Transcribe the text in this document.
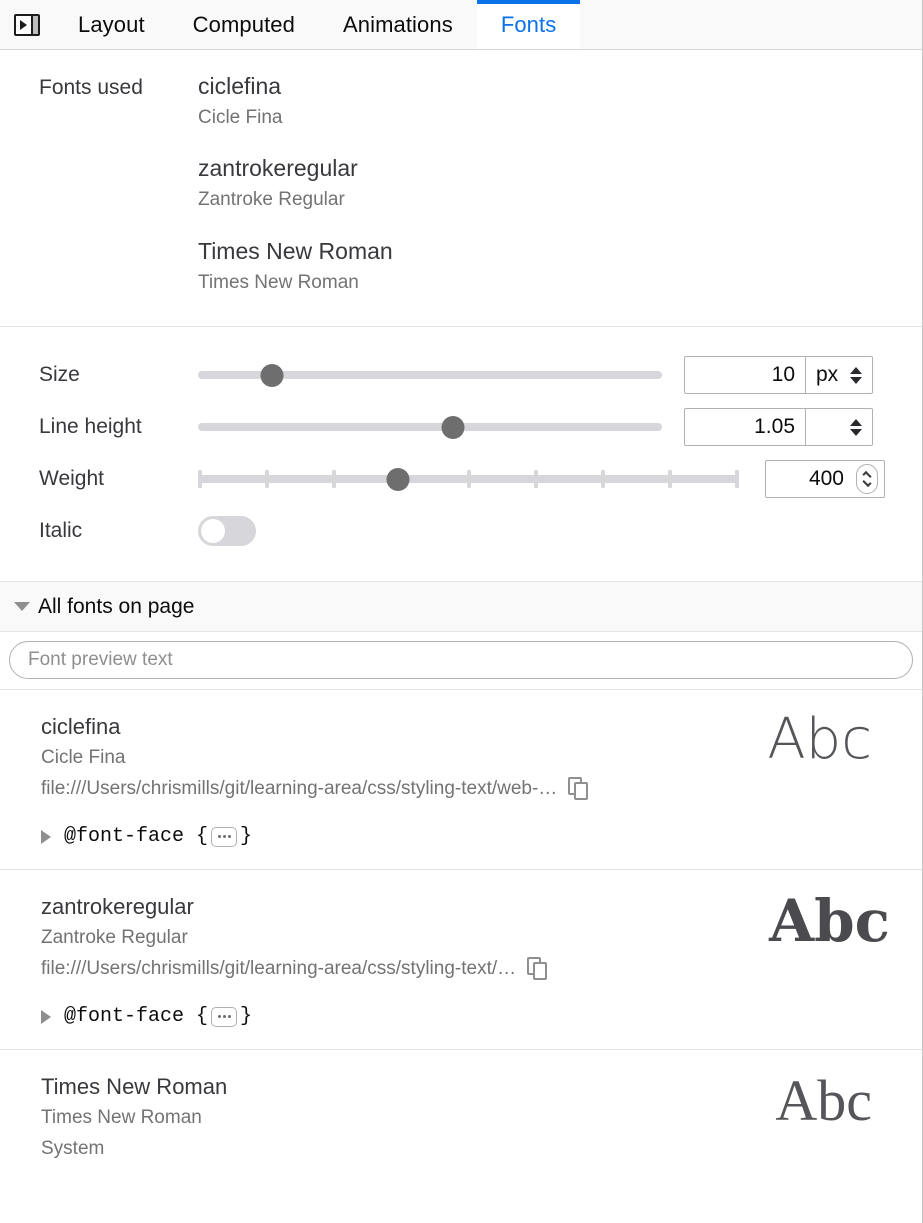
Layout Computed Animations Fonts
Fonts used	ciclefina
Cicle Fina
zantrokeregular
Zantroke Regular
Times New Roman
Times New Roman
Size	10	px
Line height	1.05
Weight	400
Italic
All fonts on page
Font preview text
ciclefina
Cicle Fina
file:///Users/chrismills/git/learning-area/css/styling-text/web-…
@font-face { }
Abc
zantrokeregular
Zantroke Regular
file:///Users/chrismills/git/learning-area/css/styling-text/…
@font-face { }
Abc
Times New Roman
Times New Roman
System
Abc
